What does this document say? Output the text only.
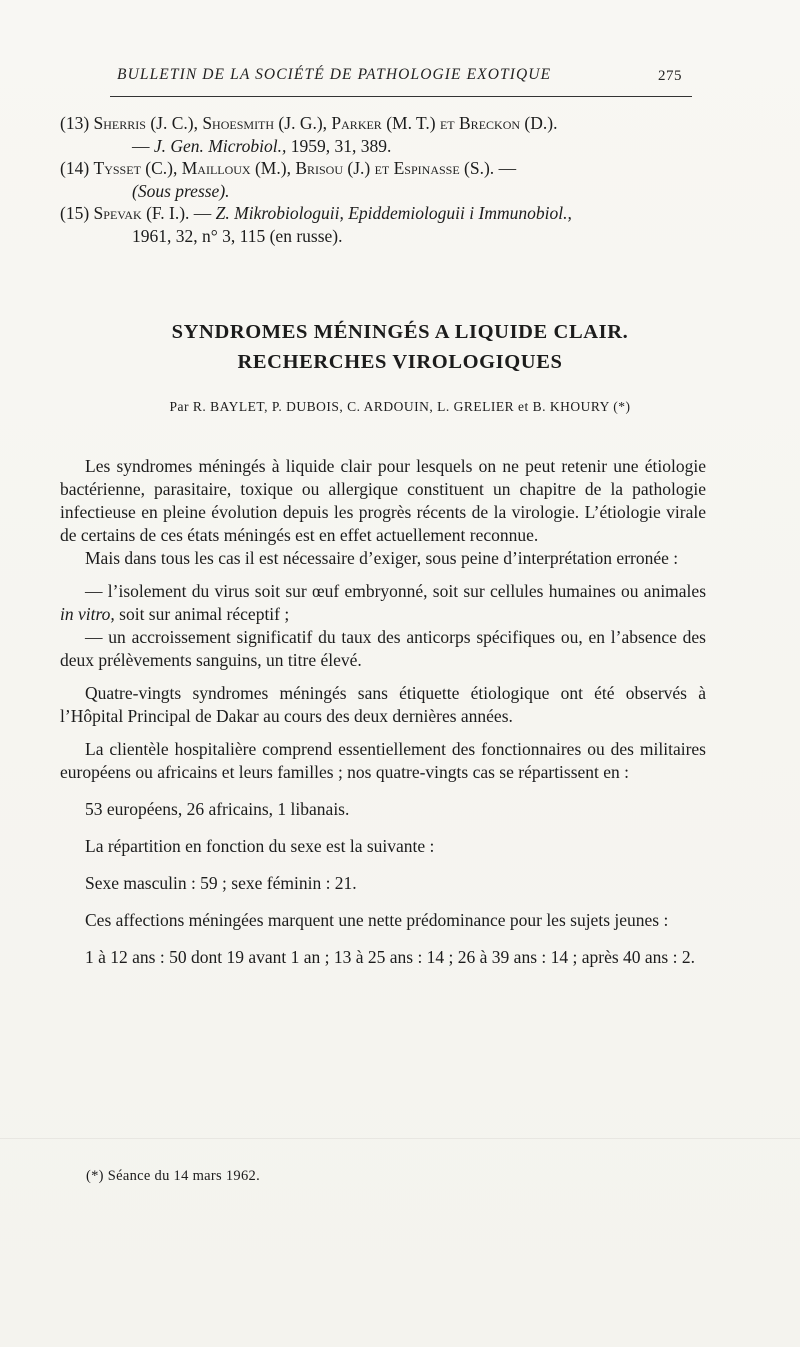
BULLETIN DE LA SOCIÉTÉ DE PATHOLOGIE EXOTIQUE	275

(13) Sherris (J. C.), Shoesmith (J. G.), Parker (M. T.) et Breckon (D.).

— J. Gen. Microbiol., 1959, 31, 389.

(14) Tysset (C.), Mailloux (M.), Brisou (J.) et Espinasse (S.). —

(Sous presse).

(15) Spevak (F. I.). — Z. Mikrobiologuii, Epiddemiologuii i Immunobiol.,

1961, 32, n° 3, 115 (en russe).

SYNDROMES MÉNINGÉS A LIQUIDE CLAIR.
RECHERCHES VIROLOGIQUES
Par R. BAYLET, P. DUBOIS, C. ARDOUIN, L. GRELIER et B. KHOURY (*)

Les syndromes méningés à liquide clair pour lesquels on ne peut retenir une étiologie bactérienne, parasitaire, toxique ou allergique constituent un chapitre de la pathologie infectieuse en pleine évolution depuis les progrès récents de la virologie. L’étiologie virale de certains de ces états méningés est en effet actuellement reconnue.

Mais dans tous les cas il est nécessaire d’exiger, sous peine d’interprétation erronée :

— l’isolement du virus soit sur œuf embryonné, soit sur cellules humaines ou animales in vitro, soit sur animal réceptif ;

— un accroissement significatif du taux des anticorps spécifiques ou, en l’absence des deux prélèvements sanguins, un titre élevé.

Quatre-vingts syndromes méningés sans étiquette étiologique ont été observés à l’Hôpital Principal de Dakar au cours des deux dernières années.

La clientèle hospitalière comprend essentiellement des fonctionnaires ou des militaires européens ou africains et leurs familles ; nos quatre-vingts cas se répartissent en :

53 européens, 26 africains, 1 libanais.

La répartition en fonction du sexe est la suivante :

Sexe masculin : 59 ; sexe féminin : 21.

Ces affections méningées marquent une nette prédominance pour les sujets jeunes :

1 à 12 ans : 50 dont 19 avant 1 an ; 13 à 25 ans : 14 ; 26 à 39 ans : 14 ; après 40 ans : 2.

(*) Séance du 14 mars 1962.
